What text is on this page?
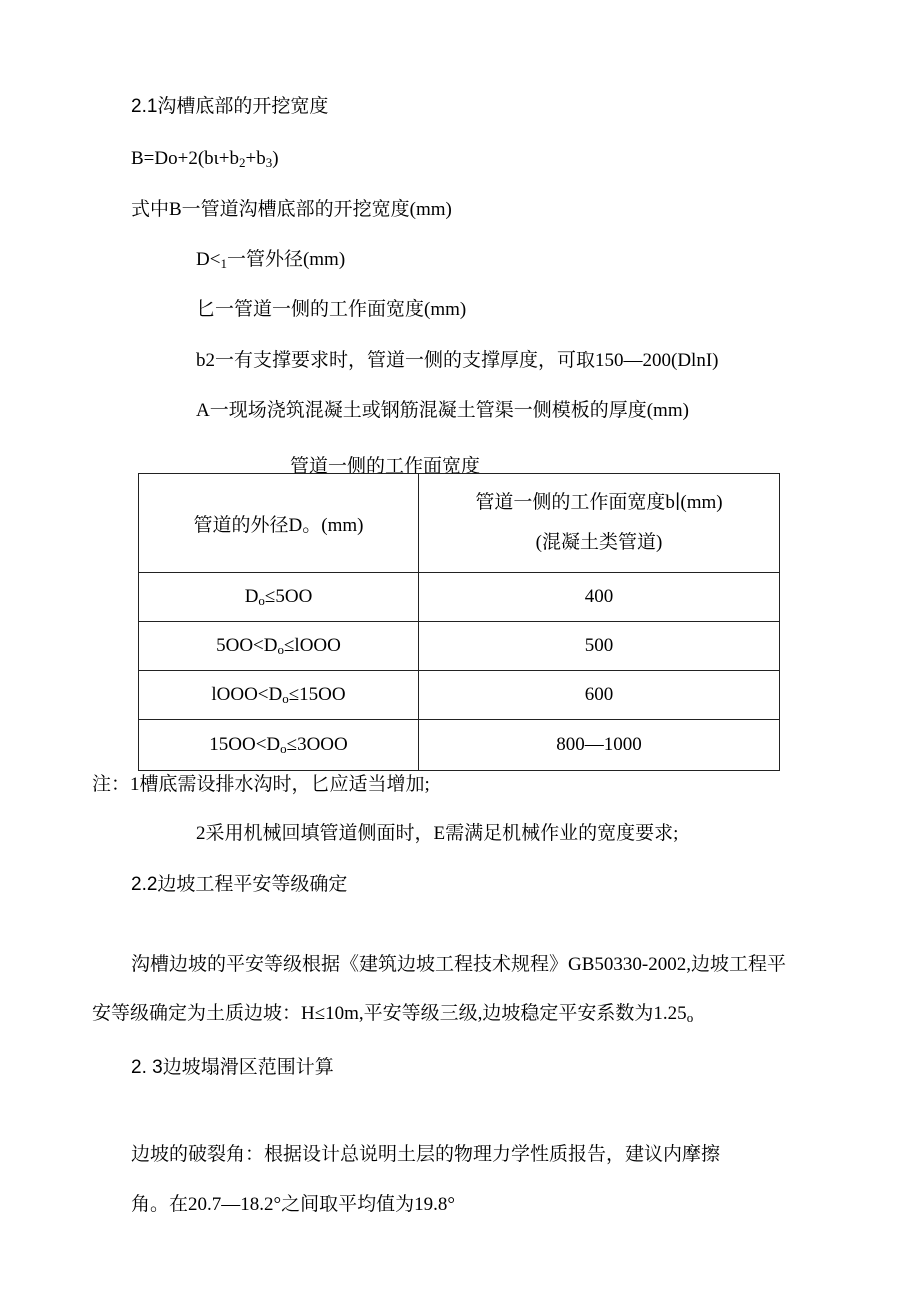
2.1沟槽底部的开挖宽度
$B=Do+2(b\iota+b_2+b_3)$
式中B一管道沟槽底部的开挖宽度(mm)
$D<_1$一管外径(mm)
匕一管道一侧的工作面宽度(mm)
b2一有支撑要求时，管道一侧的支撑厚度，可取150—200(DlnI)
A一现场浇筑混凝土或钢筋混凝土管渠一侧模板的厚度(mm)
管道一侧的工作面宽度
管道的外径D。(mm)	管道一侧的工作面宽度b∣(mm)
(混凝土类管道)

$D_o\le 5OO$	400
$5OO<D_o\le lOOO$	500
$lOOO<D_o\le 15OO$	600
$15OO<D_o\le 3OOO$	800—1000
注：1槽底需设排水沟时，匕应适当增加;
2采用机械回填管道侧面时，E需满足机械作业的宽度要求;
2.2边坡工程平安等级确定
沟槽边坡的平安等级根据《建筑边坡工程技术规程》GB50330-2002,边坡工程平
安等级确定为土质边坡：H≤10m,平安等级三级,边坡稳定平安系数为$1.25_o$
2. 3边坡塌滑区范围计算
边坡的破裂角：根据设计总说明土层的物理力学性质报告，建议内摩擦
角。在20.7—18.2°之间取平均值为19.8°
